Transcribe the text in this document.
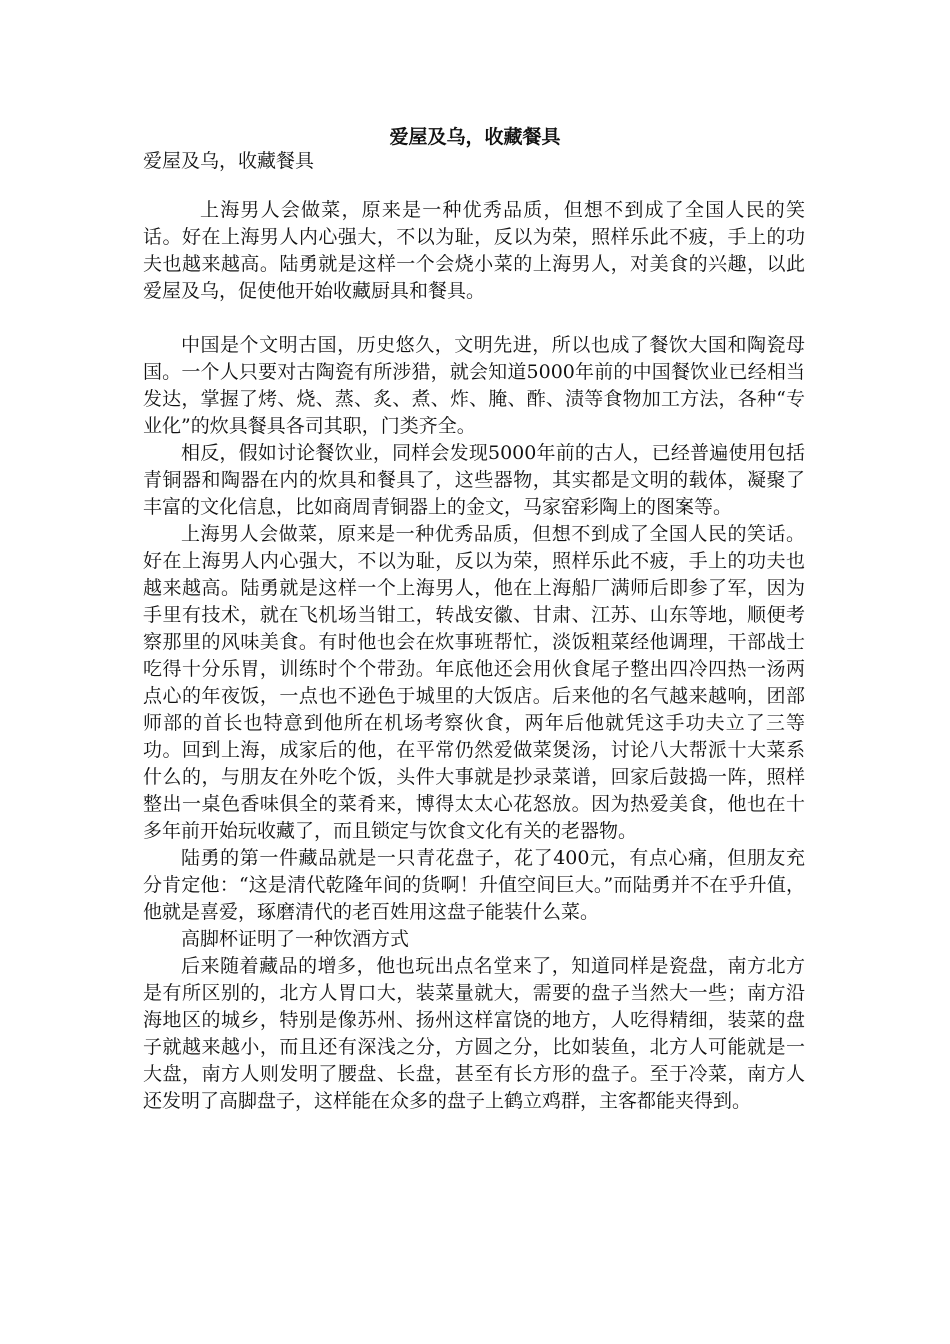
爱屋及乌，收藏餐具
爱屋及乌，收藏餐具

上海男人会做菜，原来是一种优秀品质，但想不到成了全国人民的笑话。好在上海男人内心强大，不以为耻，反以为荣，照样乐此不疲，手上的功夫也越来越高。陆勇就是这样一个会烧小菜的上海男人，对美食的兴趣，以此爱屋及乌，促使他开始收藏厨具和餐具。

中国是个文明古国，历史悠久，文明先进，所以也成了餐饮大国和陶瓷母国。一个人只要对古陶瓷有所涉猎，就会知道5000年前的中国餐饮业已经相当发达，掌握了烤、烧、蒸、炙、煮、炸、腌、酢、渍等食物加工方法，各种“专业化”的炊具餐具各司其职，门类齐全。

相反，假如讨论餐饮业，同样会发现5000年前的古人，已经普遍使用包括青铜器和陶器在内的炊具和餐具了，这些器物，其实都是文明的载体，凝聚了丰富的文化信息，比如商周青铜器上的金文，马家窑彩陶上的图案等。

上海男人会做菜，原来是一种优秀品质，但想不到成了全国人民的笑话。好在上海男人内心强大，不以为耻，反以为荣，照样乐此不疲，手上的功夫也越来越高。陆勇就是这样一个上海男人，他在上海船厂满师后即参了军，因为手里有技术，就在飞机场当钳工，转战安徽、甘肃、江苏、山东等地，顺便考察那里的风味美食。有时他也会在炊事班帮忙，淡饭粗菜经他调理，干部战士吃得十分乐胃，训练时个个带劲。年底他还会用伙食尾子整出四冷四热一汤两点心的年夜饭，一点也不逊色于城里的大饭店。后来他的名气越来越响，团部师部的首长也特意到他所在机场考察伙食，两年后他就凭这手功夫立了三等功。回到上海，成家后的他，在平常仍然爱做菜煲汤，讨论八大帮派十大菜系什么的，与朋友在外吃个饭，头件大事就是抄录菜谱，回家后鼓捣一阵，照样整出一桌色香味俱全的菜肴来，博得太太心花怒放。因为热爱美食，他也在十多年前开始玩收藏了，而且锁定与饮食文化有关的老器物。

陆勇的第一件藏品就是一只青花盘子，花了400元，有点心痛，但朋友充分肯定他：“这是清代乾隆年间的货啊！升值空间巨大。”而陆勇并不在乎升值，他就是喜爱，琢磨清代的老百姓用这盘子能装什么菜。

高脚杯证明了一种饮酒方式

后来随着藏品的增多，他也玩出点名堂来了，知道同样是瓷盘，南方北方是有所区别的，北方人胃口大，装菜量就大，需要的盘子当然大一些；南方沿海地区的城乡，特别是像苏州、扬州这样富饶的地方，人吃得精细，装菜的盘子就越来越小，而且还有深浅之分，方圆之分，比如装鱼，北方人可能就是一大盘，南方人则发明了腰盘、长盘，甚至有长方形的盘子。至于冷菜，南方人还发明了高脚盘子，这样能在众多的盘子上鹤立鸡群，主客都能夹得到。
